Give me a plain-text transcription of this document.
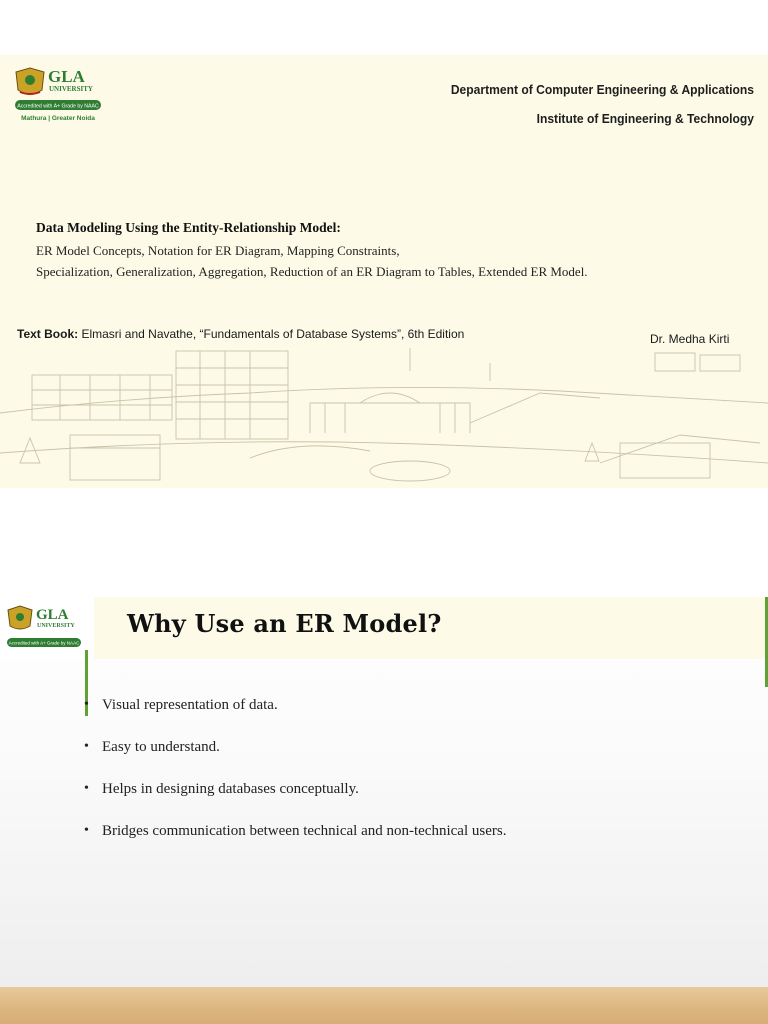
GLA
UNIVERSITY
Accredited with A+ Grade by NAAC
Mathura | Greater Noida
Department of Computer Engineering & Applications
Institute of Engineering & Technology
Data Modeling Using the Entity-Relationship Model:
ER Model Concepts, Notation for ER Diagram, Mapping Constraints,
Specialization, Generalization, Aggregation, Reduction of an ER Diagram to Tables, Extended ER Model.
Text Book: Elmasri and Navathe, “Fundamentals of Database Systems”, 6th Edition	Dr. Medha Kirti
GLA
UNIVERSITY
Accredited with A+ Grade by NAAC
Why Use an ER Model?
• Visual representation of data.
• Easy to understand.
• Helps in designing databases conceptually.
• Bridges communication between technical and non-technical users.
